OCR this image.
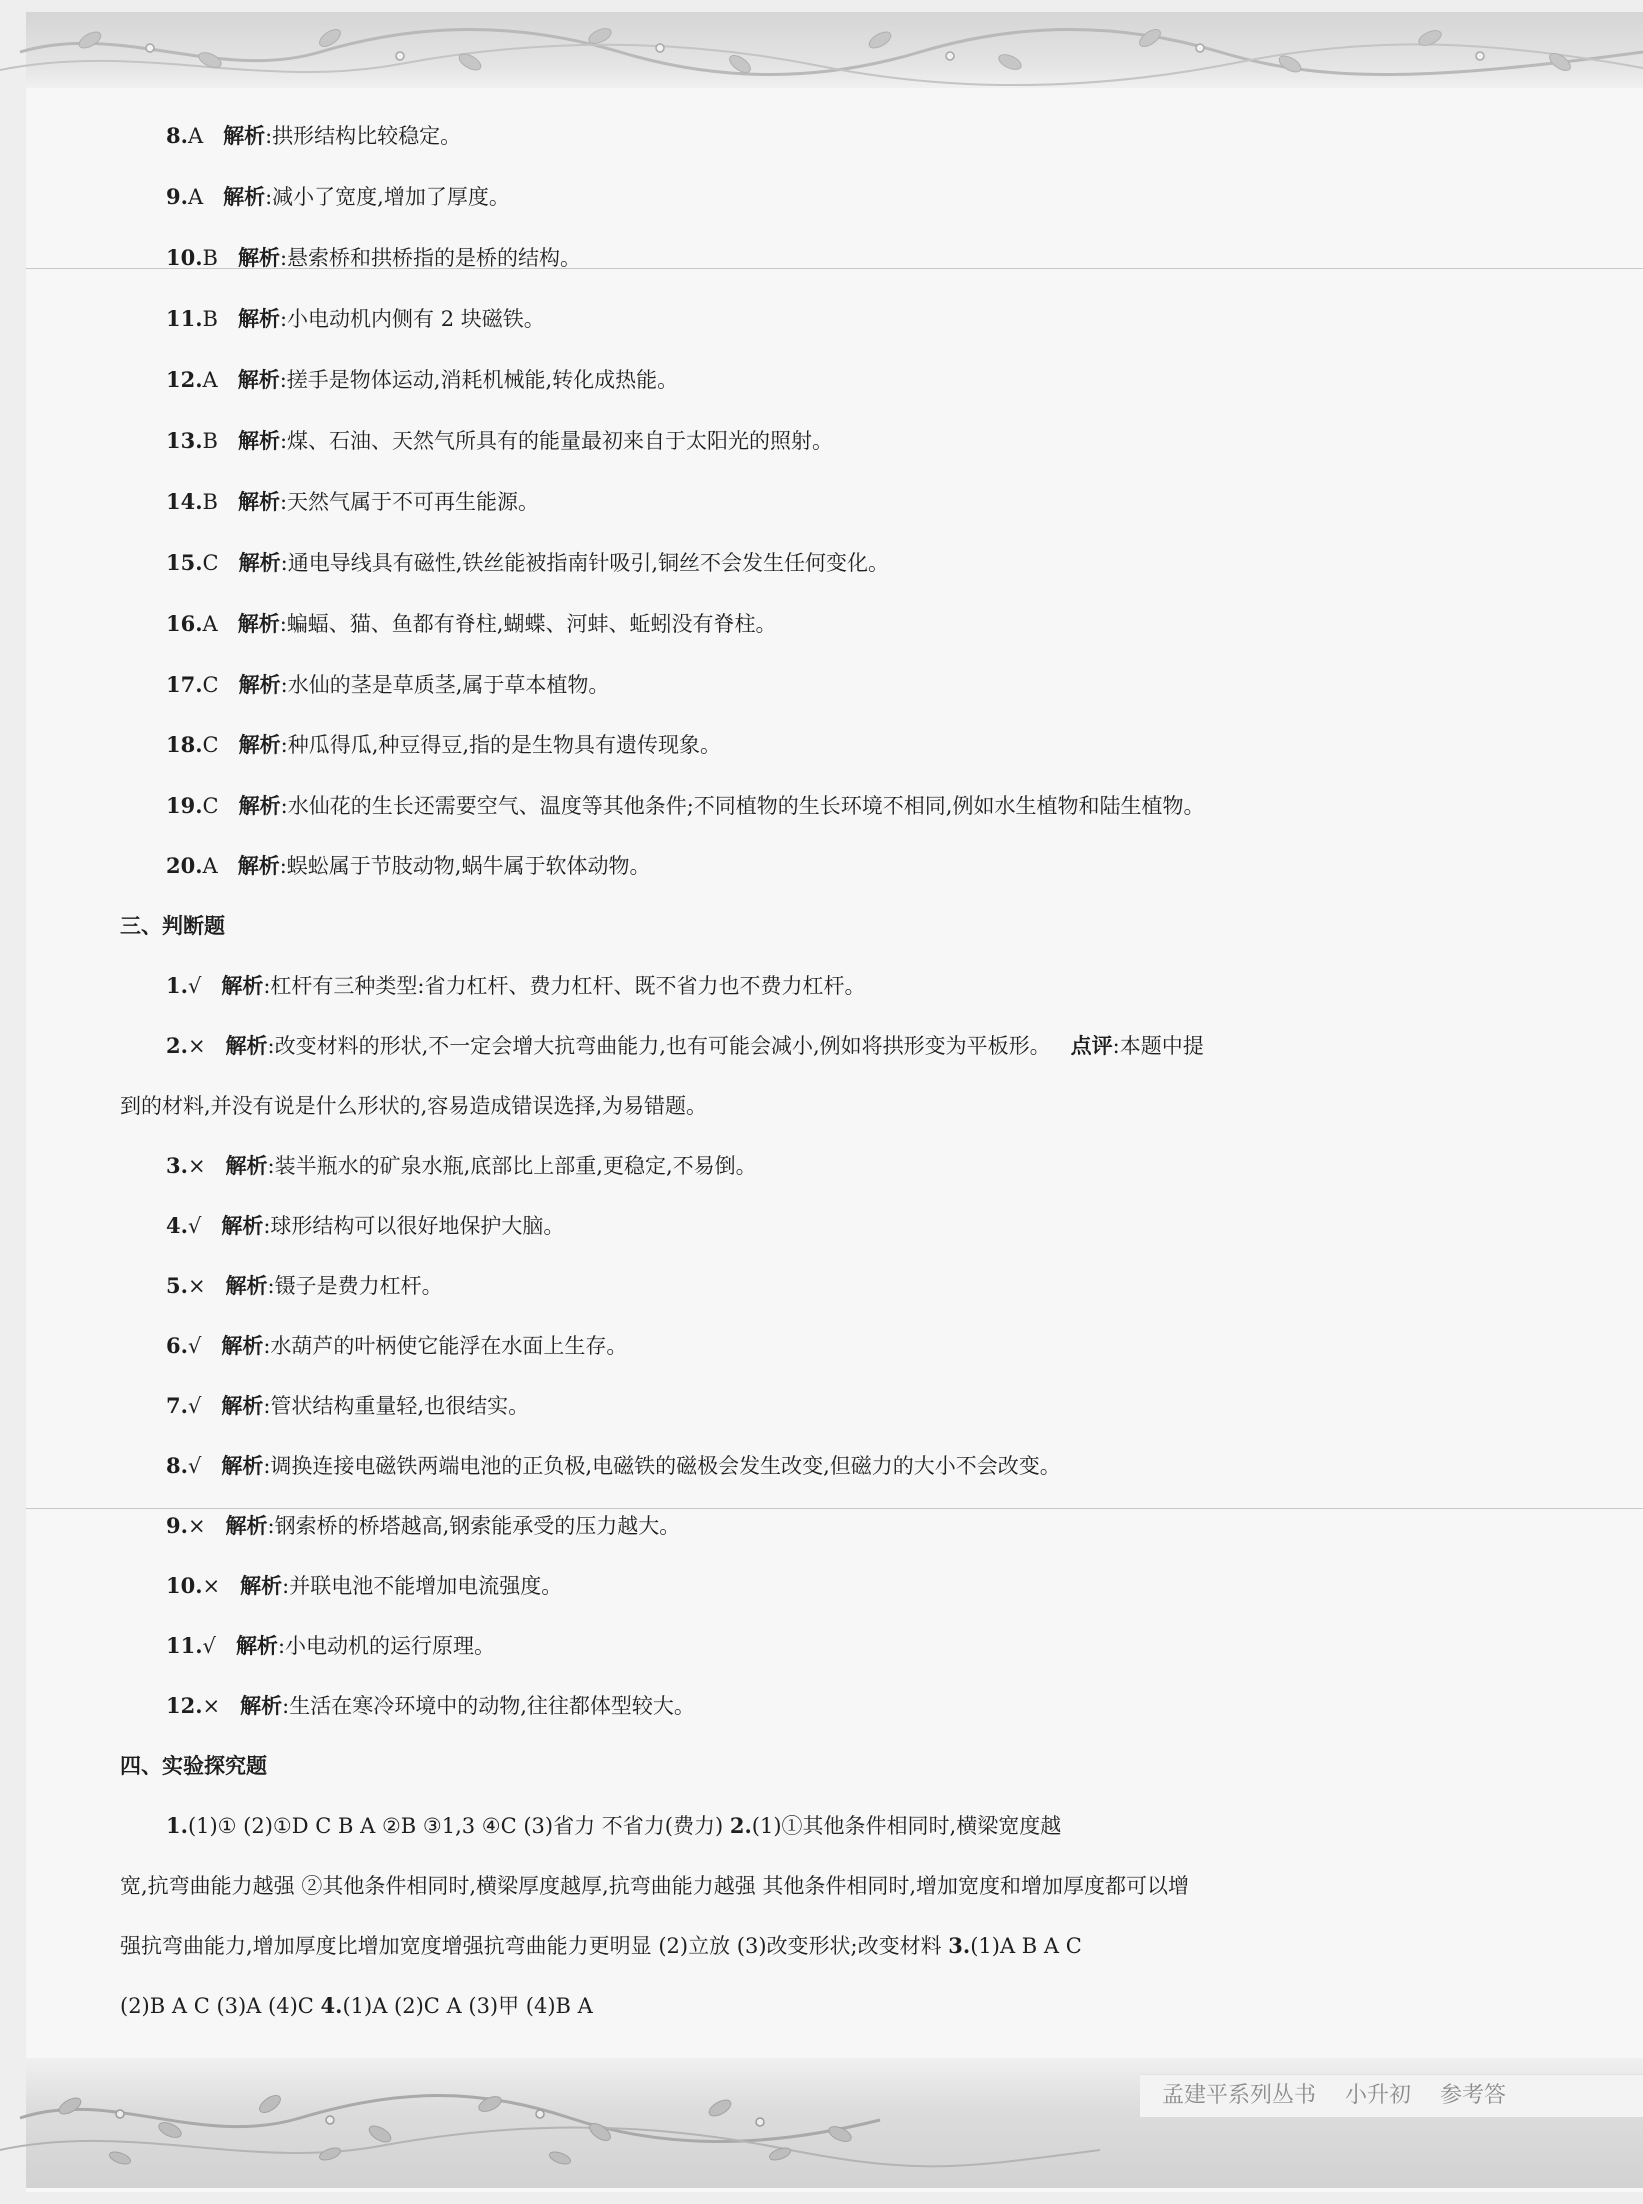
8.A 解析:拱形结构比较稳定。
9.A 解析:减小了宽度,增加了厚度。
10.B 解析:悬索桥和拱桥指的是桥的结构。
11.B 解析:小电动机内侧有 2 块磁铁。
12.A 解析:搓手是物体运动,消耗机械能,转化成热能。
13.B 解析:煤、石油、天然气所具有的能量最初来自于太阳光的照射。
14.B 解析:天然气属于不可再生能源。
15.C 解析:通电导线具有磁性,铁丝能被指南针吸引,铜丝不会发生任何变化。
16.A 解析:蝙蝠、猫、鱼都有脊柱,蝴蝶、河蚌、蚯蚓没有脊柱。
17.C 解析:水仙的茎是草质茎,属于草本植物。
18.C 解析:种瓜得瓜,种豆得豆,指的是生物具有遗传现象。
19.C 解析:水仙花的生长还需要空气、温度等其他条件;不同植物的生长环境不相同,例如水生植物和陆生植物。
20.A 解析:蜈蚣属于节肢动物,蜗牛属于软体动物。
三、判断题
1.√ 解析:杠杆有三种类型:省力杠杆、费力杠杆、既不省力也不费力杠杆。
2.× 解析:改变材料的形状,不一定会增大抗弯曲能力,也有可能会减小,例如将拱形变为平板形。 点评:本题中提
到的材料,并没有说是什么形状的,容易造成错误选择,为易错题。
3.× 解析:装半瓶水的矿泉水瓶,底部比上部重,更稳定,不易倒。
4.√ 解析:球形结构可以很好地保护大脑。
5.× 解析:镊子是费力杠杆。
6.√ 解析:水葫芦的叶柄使它能浮在水面上生存。
7.√ 解析:管状结构重量轻,也很结实。
8.√ 解析:调换连接电磁铁两端电池的正负极,电磁铁的磁极会发生改变,但磁力的大小不会改变。
9.× 解析:钢索桥的桥塔越高,钢索能承受的压力越大。
10.× 解析:并联电池不能增加电流强度。
11.√ 解析:小电动机的运行原理。
12.× 解析:生活在寒冷环境中的动物,往往都体型较大。
四、实验探究题
1.(1)① (2)①D C B A ②B ③1,3 ④C (3)省力 不省力(费力) 2.(1)①其他条件相同时,横梁宽度越
宽,抗弯曲能力越强 ②其他条件相同时,横梁厚度越厚,抗弯曲能力越强 其他条件相同时,增加宽度和增加厚度都可以增
强抗弯曲能力,增加厚度比增加宽度增强抗弯曲能力更明显 (2)立放 (3)改变形状;改变材料 3.(1)A B A C
(2)B A C (3)A (4)C 4.(1)A (2)C A (3)甲 (4)B A
孟建平系列丛书 小升初 参考答
